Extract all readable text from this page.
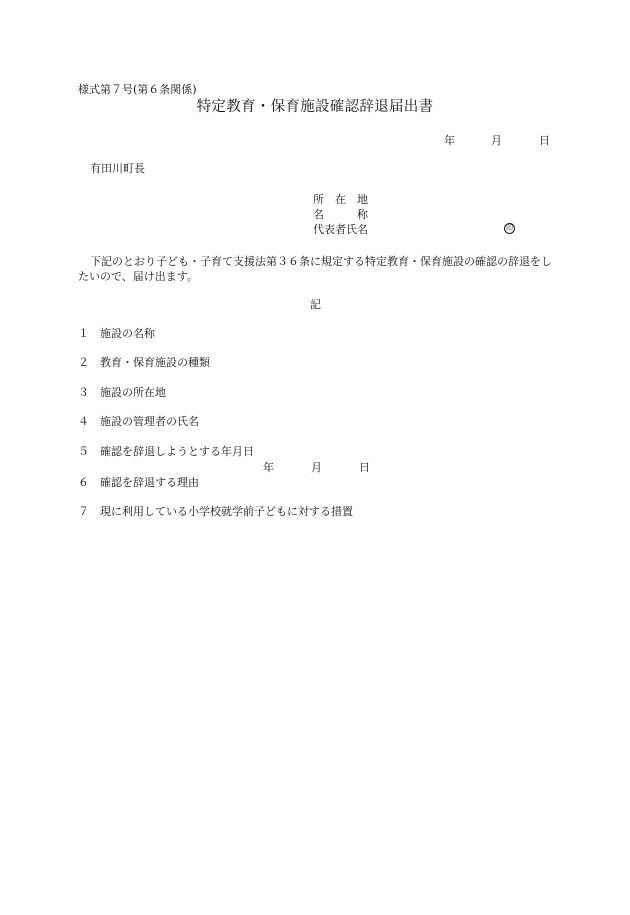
様式第７号(第６条関係)
特定教育・保育施設確認辞退届出書
年	月	日
有田川町長
所　在　地
名　　　称
代表者氏名	印
下記のとおり子ども・子育て支援法第３６条に規定する特定教育・保育施設の確認の辞退をしたいので、届け出ます。
記
１ 施設の名称
２ 教育・保育施設の種類
３ 施設の所在地
４ 施設の管理者の氏名
５ 確認を辞退しようとする年月日
年	月	日
６ 確認を辞退する理由
７ 現に利用している小学校就学前子どもに対する措置
